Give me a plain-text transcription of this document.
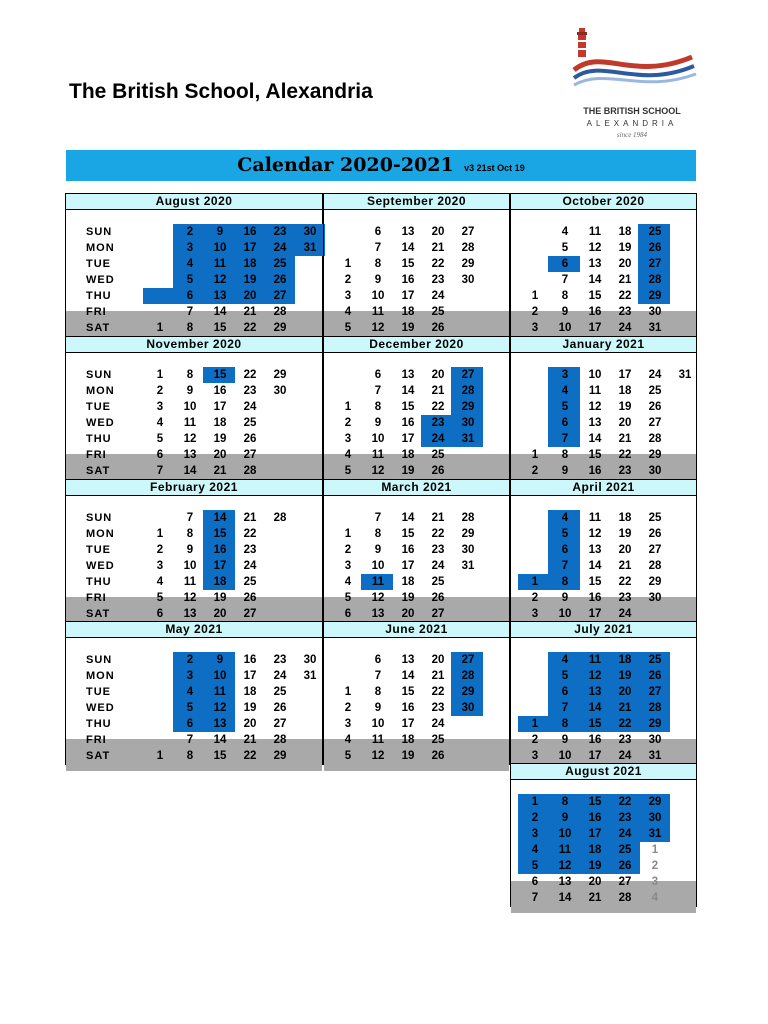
The British School, Alexandria
THE BRITISH SCHOOL
ALEXANDRIA
since 1984
Calendar 2020-2021 v3 21st Oct 19
August 2020
SUN
MON
TUE
WED
THU
FRI
SAT	1
2
3
4
5
6
7
8
9
10
11
12
13
14
15
16
17
18
19
20
21
22
23
24
25
26
27
28
29
30
31
September 2020
1
2
3
4
5
6
7
8
9
10
11
12
13
14
15
16
17
18
19
20
21
22
23
24
25
26
27
28
29
30
October 2020
1
2
3
4
5
6
7
8
9
10
11
12
13
14
15
16
17
18
19
20
21
22
23
24
25
26
27
28
29
30
31
November 2020
SUN
MON
TUE
WED
THU
FRI
SAT
1
2
3
4
5
6
7
8
9
10
11
12
13
14
15
16
17
18
19
20
21
22
23
24
25
26
27
28
29
30
December 2020
1
2
3
4
5
6
7
8
9
10
11
12
13
14
15
16
17
18
19
20
21
22
23
24
25
26
27
28
29
30
31
January 2021
1
2
3
4
5
6
7
8
9
10
11
12
13
14
15
16
17
18
19
20
21
22
23
24
25
26
27
28
29
30
31
February 2021
SUN
MON
TUE
WED
THU
FRI
SAT
1
2
3
4
5
6
7
8
9
10
11
12
13
14
15
16
17
18
19
20
21
22
23
24
25
26
27
28
March 2021
1
2
3
4
5
6
7
8
9
10
11
12
13
14
15
16
17
18
19
20
21
22
23
24
25
26
27
28
29
30
31
April 2021
1
2
3
4
5
6
7
8
9
10
11
12
13
14
15
16
17
18
19
20
21
22
23
24
25
26
27
28
29
30
May 2021
SUN
MON
TUE
WED
THU
FRI
SAT	1
2
3
4
5
6
7
8
9
10
11
12
13
14
15
16
17
18
19
20
21
22
23
24
25
26
27
28
29
30
31
June 2021
1
2
3
4
5
6
7
8
9
10
11
12
13
14
15
16
17
18
19
20
21
22
23
24
25
26
27
28
29
30
July 2021
1
2
3
4
5
6
7
8
9
10
11
12
13
14
15
16
17
18
19
20
21
22
23
24
25
26
27
28
29
30
31
August 2021
1
2
3
4
5
6
7
8
9
10
11
12
13
14
15
16
17
18
19
20
21
22
23
24
25
26
27
28
29
30
31
1
2
3
4
